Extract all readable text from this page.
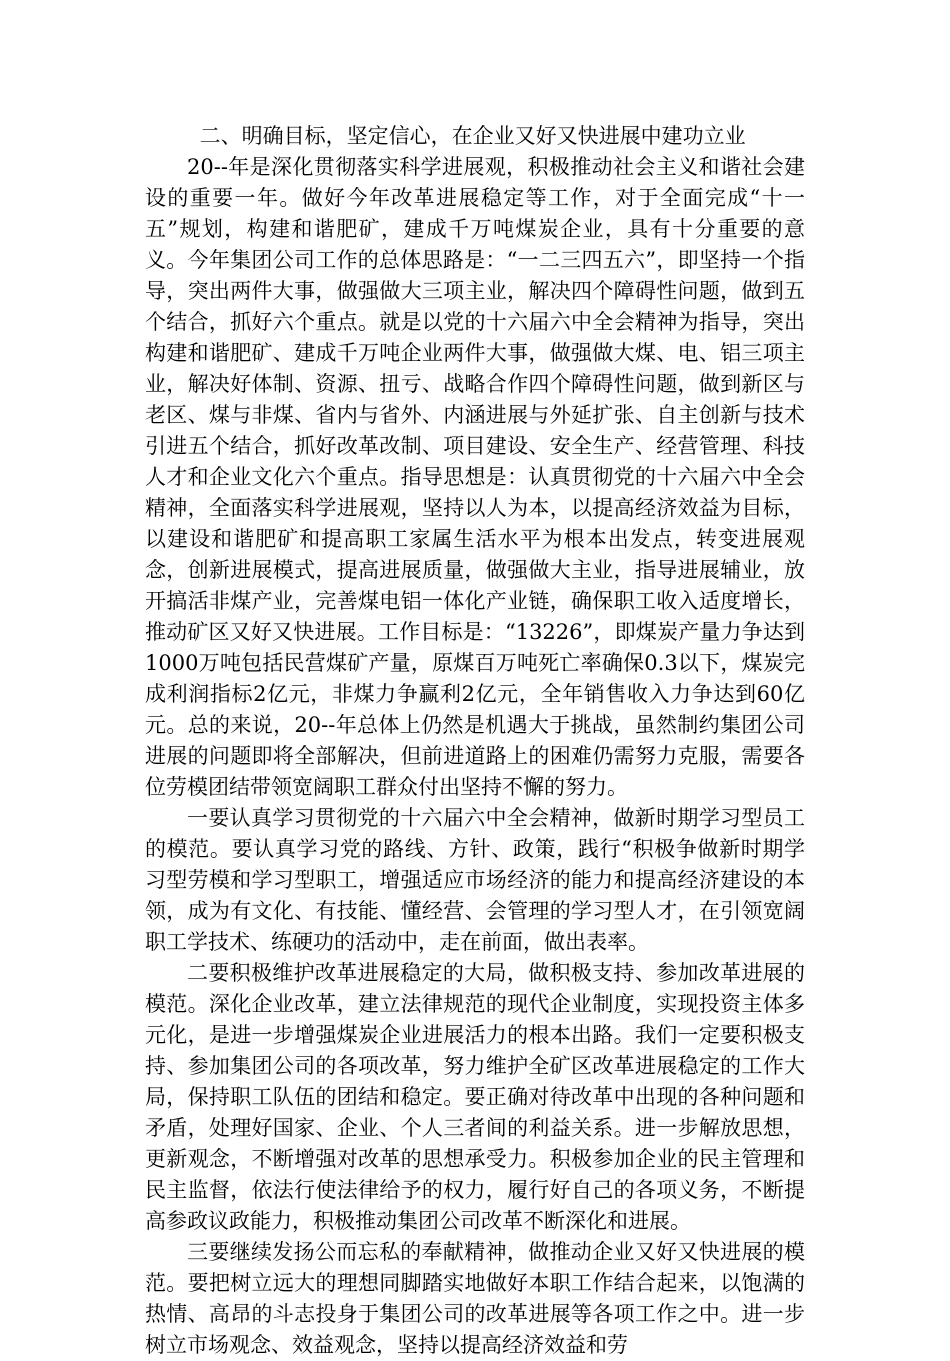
二、明确目标，坚定信心，在企业又好又快进展中建功立业

20--年是深化贯彻落实科学进展观，积极推动社会主义和谐社会建设的重要一年。做好今年改革进展稳定等工作，对于全面完成“十一五”规划，构建和谐肥矿，建成千万吨煤炭企业，具有十分重要的意义。今年集团公司工作的总体思路是：“一二三四五六”，即坚持一个指导，突出两件大事，做强做大三项主业，解决四个障碍性问题，做到五个结合，抓好六个重点。就是以党的十六届六中全会精神为指导，突出构建和谐肥矿、建成千万吨企业两件大事，做强做大煤、电、铝三项主业，解决好体制、资源、扭亏、战略合作四个障碍性问题，做到新区与老区、煤与非煤、省内与省外、内涵进展与外延扩张、自主创新与技术引进五个结合，抓好改革改制、项目建设、安全生产、经营管理、科技人才和企业文化六个重点。指导思想是：认真贯彻党的十六届六中全会精神，全面落实科学进展观，坚持以人为本，以提高经济效益为目标，以建设和谐肥矿和提高职工家属生活水平为根本出发点，转变进展观念，创新进展模式，提高进展质量，做强做大主业，指导进展辅业，放开搞活非煤产业，完善煤电铝一体化产业链，确保职工收入适度增长，推动矿区又好又快进展。工作目标是：“13226”，即煤炭产量力争达到1000万吨包括民营煤矿产量，原煤百万吨死亡率确保0.3以下，煤炭完成利润指标2亿元，非煤力争赢利2亿元，全年销售收入力争达到60亿元。总的来说，20--年总体上仍然是机遇大于挑战，虽然制约集团公司进展的问题即将全部解决，但前进道路上的困难仍需努力克服，需要各位劳模团结带领宽阔职工群众付出坚持不懈的努力。

一要认真学习贯彻党的十六届六中全会精神，做新时期学习型员工的模范。要认真学习党的路线、方针、政策，践行“积极争做新时期学习型劳模和学习型职工，增强适应市场经济的能力和提高经济建设的本领，成为有文化、有技能、懂经营、会管理的学习型人才，在引领宽阔职工学技术、练硬功的活动中，走在前面，做出表率。

二要积极维护改革进展稳定的大局，做积极支持、参加改革进展的模范。深化企业改革，建立法律规范的现代企业制度，实现投资主体多元化，是进一步增强煤炭企业进展活力的根本出路。我们一定要积极支持、参加集团公司的各项改革，努力维护全矿区改革进展稳定的工作大局，保持职工队伍的团结和稳定。要正确对待改革中出现的各种问题和矛盾，处理好国家、企业、个人三者间的利益关系。进一步解放思想，更新观念，不断增强对改革的思想承受力。积极参加企业的民主管理和民主监督，依法行使法律给予的权力，履行好自己的各项义务，不断提高参政议政能力，积极推动集团公司改革不断深化和进展。

三要继续发扬公而忘私的奉献精神，做推动企业又好又快进展的模范。要把树立远大的理想同脚踏实地做好本职工作结合起来，以饱满的热情、高昂的斗志投身于集团公司的改革进展等各项工作之中。进一步树立市场观念、效益观念，坚持以提高经济效益和劳
